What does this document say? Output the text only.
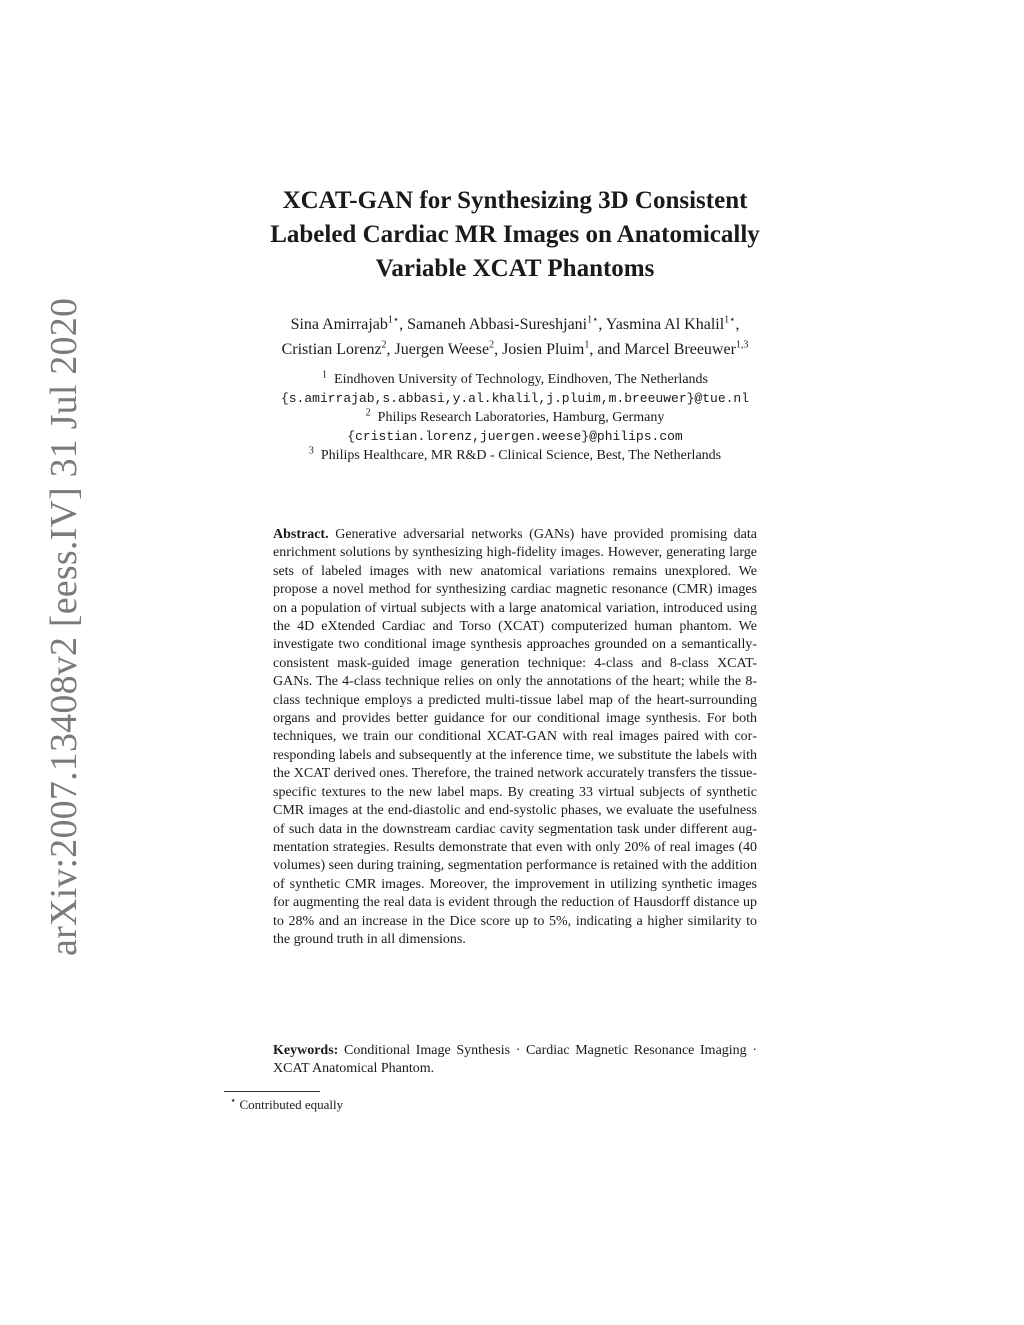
arXiv:2007.13408v2 [eess.IV] 31 Jul 2020
XCAT-GAN for Synthesizing 3D Consistent
Labeled Cardiac MR Images on Anatomically
Variable XCAT Phantoms
Sina Amirrajab$^{1⋆}$, Samaneh Abbasi-Sureshjani$^{1⋆}$, Yasmina Al Khalil$^{1⋆}$,
Cristian Lorenz$^2$, Juergen Weese$^2$, Josien Pluim$^1$, and Marcel Breeuwer$^{1,3}$
$^1$ Eindhoven University of Technology, Eindhoven, The Netherlands
{s.amirrajab,s.abbasi,y.al.khalil,j.pluim,m.breeuwer}@tue.nl
$^2$ Philips Research Laboratories, Hamburg, Germany
{cristian.lorenz,juergen.weese}@philips.com
$^3$ Philips Healthcare, MR R&D - Clinical Science, Best, The Netherlands
Abstract. Generative adversarial networks (GANs) have provided promising data enrichment solutions by synthesizing high-fidelity images. However, generating large sets of labeled images with new anatomical variations remains unexplored. We propose a novel method for synthesizing cardiac magnetic resonance (CMR) images on a population of virtual subjects with a large anatomical variation, introduced using the 4D eXtended Cardiac and Torso (XCAT) computerized human phantom. We investigate two conditional image synthesis approaches grounded on a semantically-consistent mask-guided image generation technique: 4-class and 8-class XCAT-GANs. The 4-class technique relies on only the annotations of the heart; while the 8-class technique employs a predicted multi-tissue label map of the heart-surrounding organs and provides better guidance for our conditional image synthesis. For both techniques, we train our conditional XCAT-GAN with real images paired with corresponding labels and subsequently at the inference time, we substitute the labels with the XCAT derived ones. Therefore, the trained network accurately transfers the tissue-specific textures to the new label maps. By creating 33 virtual subjects of synthetic CMR images at the end-diastolic and end-systolic phases, we evaluate the usefulness of such data in the downstream cardiac cavity segmentation task under different augmentation strategies. Results demonstrate that even with only 20% of real images (40 volumes) seen during training, segmentation performance is retained with the addition of synthetic CMR images. Moreover, the improvement in utilizing synthetic images for augmenting the real data is evident through the reduction of Hausdorff distance up to 28% and an increase in the Dice score up to 5%, indicating a higher similarity to the ground truth in all dimensions.
Keywords: Conditional Image Synthesis · Cardiac Magnetic Resonance Imaging · XCAT Anatomical Phantom.
⋆ Contributed equally
